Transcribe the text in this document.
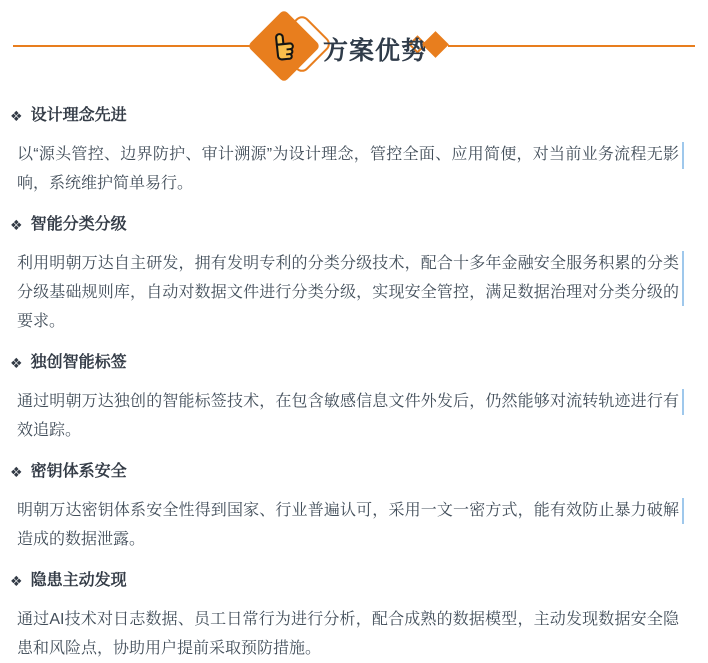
方案优势
❖ 设计理念先进

以“源头管控、边界防护、审计溯源”为设计理念，管控全面、应用简便，对当前业务流程无影响，系统维护简单易行。

❖ 智能分类分级

利用明朝万达自主研发，拥有发明专利的分类分级技术，配合十多年金融安全服务积累的分类分级基础规则库，自动对数据文件进行分类分级，实现安全管控，满足数据治理对分类分级的要求。

❖ 独创智能标签

通过明朝万达独创的智能标签技术，在包含敏感信息文件外发后，仍然能够对流转轨迹进行有效追踪。

❖ 密钥体系安全

明朝万达密钥体系安全性得到国家、行业普遍认可，采用一文一密方式，能有效防止暴力破解造成的数据泄露。

❖ 隐患主动发现

通过AI技术对日志数据、员工日常行为进行分析，配合成熟的数据模型，主动发现数据安全隐患和风险点，协助用户提前采取预防措施。
